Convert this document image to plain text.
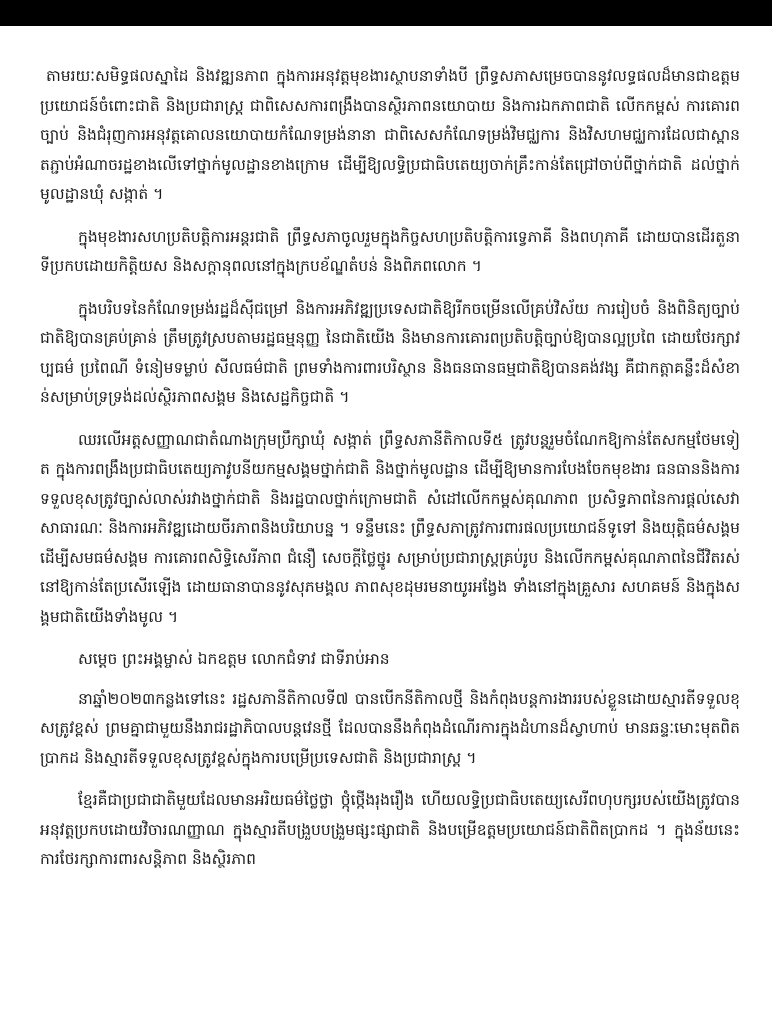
តាមរយៈសមិទ្ធផលស្នាដៃ និងវឌ្ឍនភាព ក្នុងការអនុវត្តមុខងារស្ថាបនាទាំងបី ព្រឹទ្ធសភាសម្រេចបាននូវលទ្ធផលដ៏មានជាឧត្តមប្រយោជន៍ចំពោះជាតិ និងប្រជារាស្ត្រ ជាពិសេសការពង្រឹងបានស្ថិរភាពនយោបាយ និងការឯកភាពជាតិ លើកកម្ពស់ ការគោរពច្បាប់ និងជំរុញការអនុវត្តគោលនយោបាយកំណែទម្រង់នានា ជាពិសេសកំណែទម្រង់វិមជ្ឈការ និងវិសហមជ្ឈការដែលជាស្ពានតភ្ជាប់អំណាចរដ្ឋខាងលើទៅថ្នាក់មូលដ្ឋានខាងក្រោម ដើម្បីឱ្យលទ្ធិប្រជាធិបតេយ្យចាក់គ្រឹះកាន់តែជ្រៅចាប់ពីថ្នាក់ជាតិ ដល់ថ្នាក់មូលដ្ឋានឃុំ សង្កាត់ ។

ក្នុងមុខងារសហប្រតិបត្តិការអន្តរជាតិ ព្រឹទ្ធសភាចូលរួមក្នុងកិច្ចសហប្រតិបត្តិការទ្វេភាគី និងពហុភាគី ដោយបានដើរតួនាទីប្រកបដោយកិត្តិយស និងសក្ដានុពលនៅក្នុងក្របខ័ណ្ឌតំបន់ និងពិភពលោក ។

ក្នុងបរិបទនៃកំណែទម្រង់រដ្ឋដ៏ស៊ីជម្រៅ និងការអភិវឌ្ឍប្រទេសជាតិឱ្យរីកចម្រើនលើគ្រប់វិស័យ ការរៀបចំ និងពិនិត្យច្បាប់ជាតិឱ្យបានគ្រប់គ្រាន់ ត្រឹមត្រូវស្របតាមរដ្ឋធម្មនុញ្ញ នៃជាតិយើង និងមានការគោរពប្រតិបត្តិច្បាប់ឱ្យបានល្អប្រពៃ ដោយថែរក្សាវប្បធម៌ ប្រពៃណី ទំនៀមទម្លាប់ សីលធម៌ជាតិ ព្រមទាំងការពារបរិស្ថាន និងធនធានធម្មជាតិឱ្យបានគង់វង្ស គឺជាកត្តាគន្លឹះដ៏សំខាន់សម្រាប់ទ្រទ្រង់ដល់ស្ថិរភាពសង្គម និងសេដ្ឋកិច្ចជាតិ ។

ឈរលើអត្តសញ្ញាណជាតំណាងក្រុមប្រឹក្សាឃុំ សង្កាត់ ព្រឹទ្ធសភានីតិកាលទី៥ ត្រូវបន្តរួមចំណែកឱ្យកាន់តែសកម្មថែមទៀត ក្នុងការពង្រឹងប្រជាធិបតេយ្យភាវូបនីយកម្មសង្គមថ្នាក់ជាតិ និងថ្នាក់មូលដ្ឋាន ដើម្បីឱ្យមានការបែងចែកមុខងារ ធនធាននិងការទទួលខុសត្រូវច្បាស់លាស់រវាងថ្នាក់ជាតិ និងរដ្ឋបាលថ្នាក់ក្រោមជាតិ សំដៅលើកកម្ពស់គុណភាព ប្រសិទ្ធភាពនៃការផ្តល់សេវាសាធារណៈ និងការអភិវឌ្ឍដោយចីរភាពនិងបរិយាបន្ន ។ ទន្ទឹមនេះ ព្រឹទ្ធសភាត្រូវការពារផលប្រយោជន៍ទូទៅ និងយុត្តិធម៌សង្គម ដើម្បីសមធម៌សង្គម ការគោរពសិទ្ធិសេរីភាព ជំនឿ សេចក្ដីថ្លៃថ្នូរ សម្រាប់ប្រជារាស្ត្រគ្រប់រូប និងលើកកម្ពស់គុណភាពនៃជីវិតរស់នៅឱ្យកាន់តែប្រសើរឡើង ដោយធានាបាននូវសុភមង្គល ភាពសុខដុមរមនាយូរអង្វែង ទាំងនៅក្នុងគ្រួសារ សហគមន៍ និងក្នុងសង្គមជាតិយើងទាំងមូល ។

សម្តេច ព្រះអង្គម្ចាស់ ឯកឧត្តម លោកជំទាវ ជាទីរាប់អាន

នាឆ្នាំ២០២៣កន្លងទៅនេះ រដ្ឋសភានីតិកាលទី៧ បានបើកនីតិកាលថ្មី និងកំពុងបន្តការងាររបស់ខ្លួនដោយស្មារតីទទួលខុសត្រូវខ្ពស់ ព្រមគ្នាជាមួយនឹងរាជរដ្ឋាភិបាលបន្តវេនថ្មី ដែលបាននឹងកំពុងដំណើរការក្នុងដំហានដ៏ស្វាហាប់ មានឆន្ទៈមោះមុតពិតប្រាកដ និងស្មារតីទទួលខុសត្រូវខ្ពស់ក្នុងការបម្រើប្រទេសជាតិ និងប្រជារាស្ត្រ ។

ខ្មែរគឺជាប្រជាជាតិមួយដែលមានអរិយធម៌ថ្លៃថ្លា ថ្កុំថ្កើងរុងរឿង ហើយលទ្ធិប្រជាធិបតេយ្យសេរីពហុបក្សរបស់យើងត្រូវបានអនុវត្តប្រកបដោយវិចារណញ្ញាណ ក្នុងស្មារតីបង្រួបបង្រួមផ្សះផ្សាជាតិ និងបម្រើឧត្តមប្រយោជន៍ជាតិពិតប្រាកដ ។ ក្នុងន័យនេះ ការថែរក្សាការពារសន្តិភាព និងស្ថិរភាព
